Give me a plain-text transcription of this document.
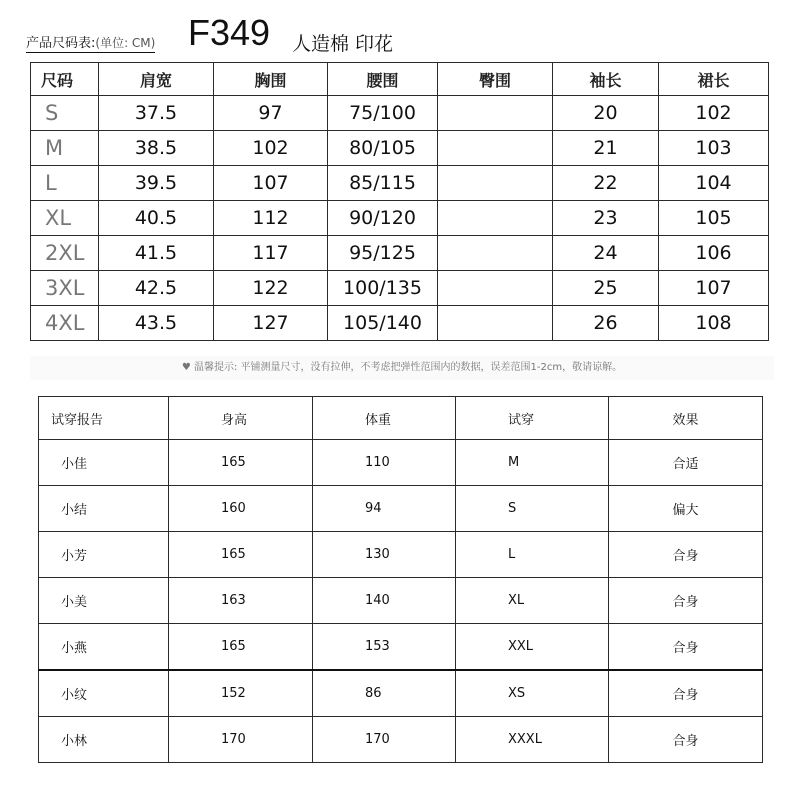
产品尺码表:(单位: CM) F349 人造棉 印花
尺码	肩宽	胸围	腰围	臀围	袖长	裙长
S	37.5	97	75/100		20	102
M	38.5	102	80/105		21	103
L	39.5	107	85/115		22	104
XL	40.5	112	90/120		23	105
2XL	41.5	117	95/125		24	106
3XL	42.5	122	100/135		25	107
4XL	43.5	127	105/140		26	108
♥ 温馨提示: 平铺测量尺寸，没有拉伸，不考虑把弹性范围内的数据，误差范围1-2cm，敬请谅解。
试穿报告	身高	体重	试穿	效果
小佳	165	110	M	合适
小结	160	94	S	偏大
小芳	165	130	L	合身
小美	163	140	XL	合身
小燕	165	153	XXL	合身
小纹	152	86	XS	合身
小林	170	170	XXXL	合身
